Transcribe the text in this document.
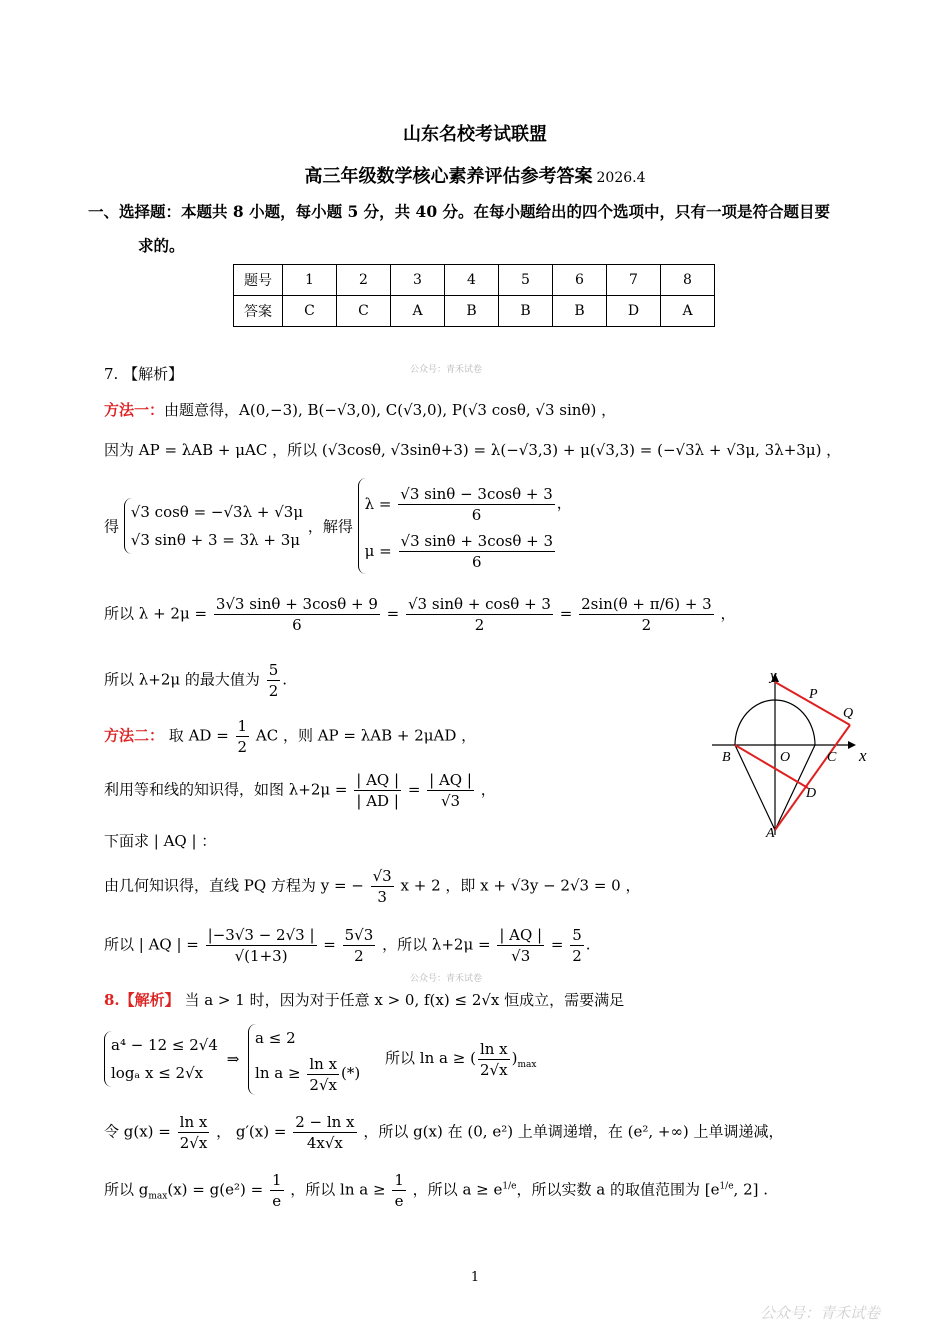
山东名校考试联盟
高三年级数学核心素养评估参考答案 2026.4
一、选择题：本题共 8 小题，每小题 5 分，共 40 分。在每小题给出的四个选项中，只有一项是符合题目要
求的。
题号	1	2	3	4	5	6	7	8
答案	C	C	A	B	B	B	D	A
7. 【解析】	公众号：青禾试卷
方法一：由题意得，A(0,−3), B(−√3,0), C(√3,0), P(√3 cosθ, √3 sinθ) ，
因为 AP = λAB + μAC ，所以 (√3cosθ, √3sinθ+3) = λ(−√3,3) + μ(√3,3) = (−√3λ + √3μ, 3λ+3μ) ，
得
√3 cosθ = −√3λ + √3μ
√3 sinθ + 3 = 3λ + 3μ
，解得
$\lambda = \frac{√3 \sin\theta - 3\cos\theta + 3}{6}$ ，
$\mu = \frac{√3 \sin\theta + 3\cos\theta + 3}{6}$
所以 $\lambda + 2\mu = \frac{3√3 \sin\theta + 3\cos\theta + 9}{6} = \frac{√3 \sin\theta + \cos\theta + 3}{2} = \frac{2\sin(\theta + \pi/6) + 3}{2}$ ，
所以 λ+2μ 的最大值为 $\frac{5}{2}$ .
方法二： 取 AD = $\frac{1}{2}$ AC ，则 AP = λAB + 2μAD ，
利用等和线的知识得，如图 $\lambda+2\mu = \frac{| AQ |}{| AD |} = \frac{| AQ |}{√3}$ ，
下面求 | AQ | ：
由几何知识得，直线 PQ 方程为 y = − $\frac{√3}{3}$ x + 2 ，即 x + √3y − 2√3 = 0 ，
所以 | AQ | = $\frac{|-3√3 - 2√3 |}{√(1+3)} = \frac{5√3}{2}$ ，所以 $\lambda+2\mu = \frac{| AQ |}{√3} = \frac{5}{2}$ .
公众号：青禾试卷
y
x
P
Q
B	O	C
D
A
8.【解析】 当 a > 1 时，因为对于任意 x > 0, f(x) ≤ 2√x 恒成立，需要满足
a⁴ − 12 ≤ 2√4
logₐ x ≤ 2√x
⇒
a ≤ 2
$\ln a \ge \frac{\text{ln x}}{2√x}$ (*)
所以 ln a ≥ ( $\frac{\text{ln x}}{2√x} )_{max}$
令 $g(x) = \frac{\text{ln x}}{2√x}$ ， $g'(x) = \frac{\text{2 − ln x}}{4x√x}$ ，所以 g(x) 在 (0, e²) 上单调递增，在 (e², +∞) 上单调递减，
所以 $g_{max}(x) = g(e^2) = \frac{1}{e}$ ，所以 $\ln a \ge \frac{1}{e}$ ，所以 $a \ge e^{1/e}$，所以实数 a 的取值范围为 [$e^{1/e}$, 2] .
1
公众号：青禾试卷
